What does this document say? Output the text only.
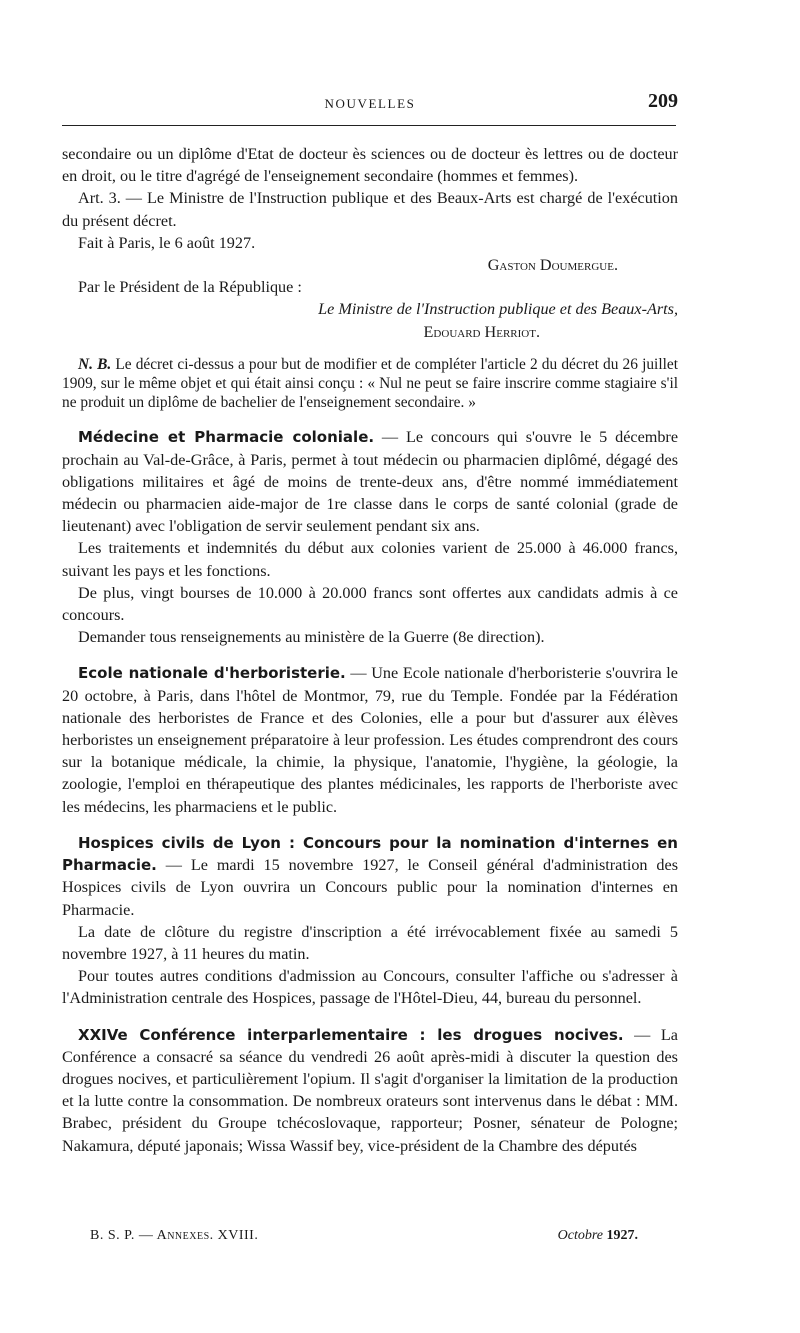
NOUVELLES	209

secondaire ou un diplôme d'Etat de docteur ès sciences ou de docteur ès lettres ou de docteur en droit, ou le titre d'agrégé de l'enseignement secondaire (hommes et femmes).

Art. 3. — Le Ministre de l'Instruction publique et des Beaux-Arts est chargé de l'exécution du présent décret.

Fait à Paris, le 6 août 1927.

Gaston Doumergue.

Par le Président de la République :

Le Ministre de l'Instruction publique et des Beaux-Arts,

Edouard Herriot.

N. B. Le décret ci-dessus a pour but de modifier et de compléter l'article 2 du décret du 26 juillet 1909, sur le même objet et qui était ainsi conçu : « Nul ne peut se faire inscrire comme stagiaire s'il ne produit un diplôme de bachelier de l'enseignement secondaire. »

Médecine et Pharmacie coloniale. — Le concours qui s'ouvre le 5 décembre prochain au Val-de-Grâce, à Paris, permet à tout médecin ou pharmacien diplômé, dégagé des obligations militaires et âgé de moins de trente-deux ans, d'être nommé immédiatement médecin ou pharmacien aide-major de 1re classe dans le corps de santé colonial (grade de lieutenant) avec l'obligation de servir seulement pendant six ans.

Les traitements et indemnités du début aux colonies varient de 25.000 à 46.000 francs, suivant les pays et les fonctions.

De plus, vingt bourses de 10.000 à 20.000 francs sont offertes aux candidats admis à ce concours.

Demander tous renseignements au ministère de la Guerre (8e direction).

Ecole nationale d'herboristerie. — Une Ecole nationale d'herboristerie s'ouvrira le 20 octobre, à Paris, dans l'hôtel de Montmor, 79, rue du Temple. Fondée par la Fédération nationale des herboristes de France et des Colonies, elle a pour but d'assurer aux élèves herboristes un enseignement préparatoire à leur profession. Les études comprendront des cours sur la botanique médicale, la chimie, la physique, l'anatomie, l'hygiène, la géologie, la zoologie, l'emploi en thérapeutique des plantes médicinales, les rapports de l'herboriste avec les médecins, les pharmaciens et le public.

Hospices civils de Lyon : Concours pour la nomination d'internes en Pharmacie. — Le mardi 15 novembre 1927, le Conseil général d'administration des Hospices civils de Lyon ouvrira un Concours public pour la nomination d'internes en Pharmacie.

La date de clôture du registre d'inscription a été irrévocablement fixée au samedi 5 novembre 1927, à 11 heures du matin.

Pour toutes autres conditions d'admission au Concours, consulter l'affiche ou s'adresser à l'Administration centrale des Hospices, passage de l'Hôtel-Dieu, 44, bureau du personnel.

XXIVe Conférence interparlementaire : les drogues nocives. — La Conférence a consacré sa séance du vendredi 26 août après-midi à discuter la question des drogues nocives, et particulièrement l'opium. Il s'agit d'organiser la limitation de la production et la lutte contre la consommation. De nombreux orateurs sont intervenus dans le débat : MM. Brabec, président du Groupe tchécoslovaque, rapporteur; Posner, sénateur de Pologne; Nakamura, député japonais; Wissa Wassif bey, vice-président de la Chambre des députés

B. S. P. — Annexes. XVIII.	Octobre 1927.
